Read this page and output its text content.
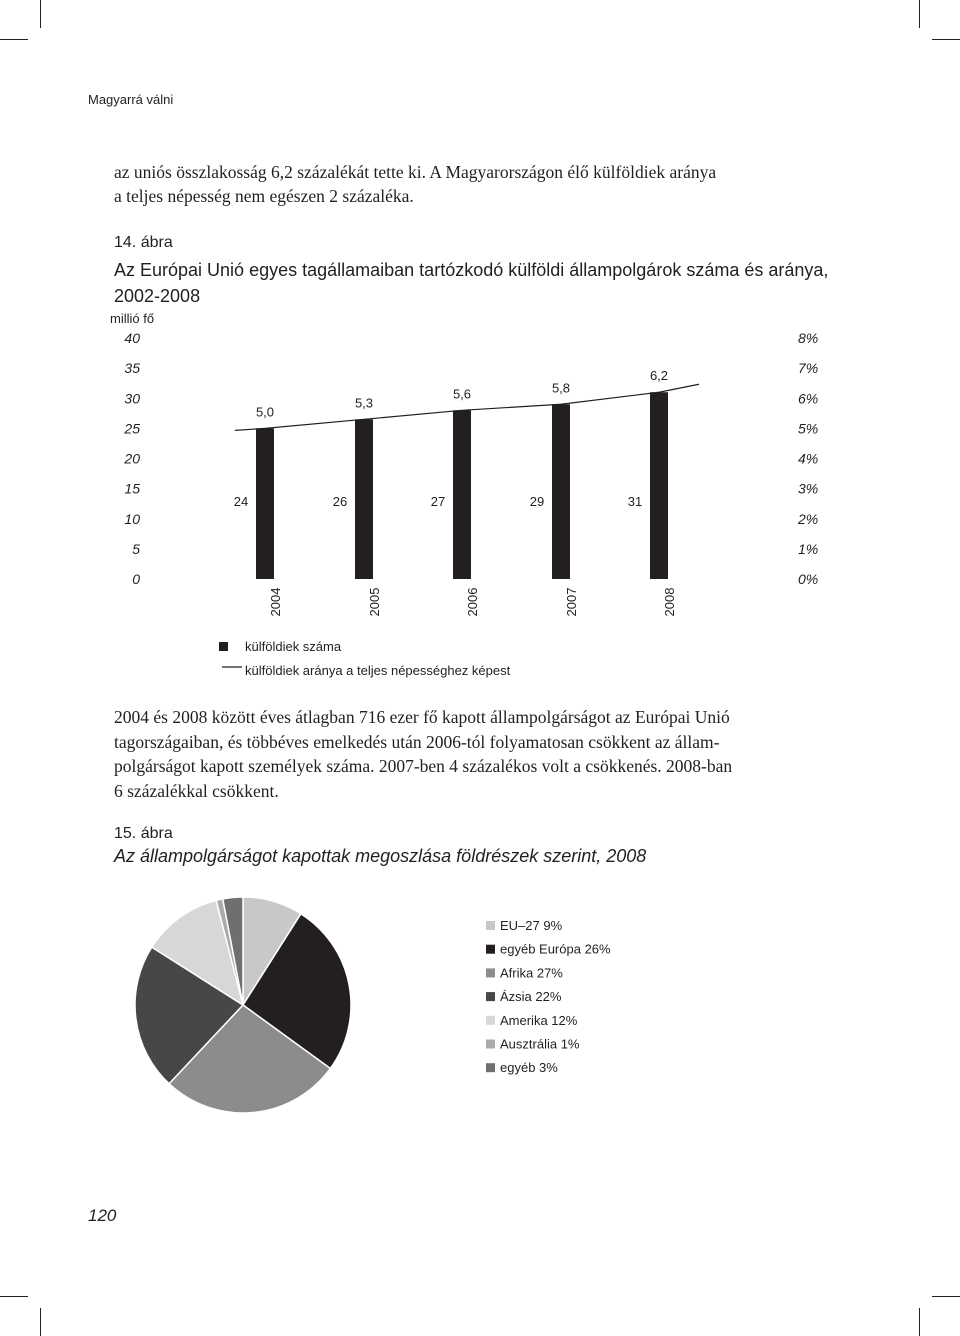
Magyarrá válni
az uniós összlakosság 6,2 százalékát tette ki. A Magyarországon élő külföldiek aránya
a teljes népesség nem egészen 2 százaléka.
14. ábra
Az Európai Unió egyes tagállamaiban tartózkodó külföldi állampolgárok száma és aránya, 2002-2008
millió fő
0
5
10
15
20
25
30
35
40
0%
1%
2%
3%
4%
5%
6%
7%
8%
24
5,0
26
5,3
27
5,6
29
5,8
31
6,2
2004	2005	2006	2007	2008
külföldiek száma
külföldiek aránya a teljes népességhez képest
2004 és 2008 között éves átlagban 716 ezer fő kapott állampolgárságot az Európai Unió
tagországaiban, és többéves emelkedés után 2006-tól folyamatosan csökkent az állam-
polgárságot kapott személyek száma. 2007-ben 4 százalékos volt a csökkenés. 2008-ban
6 százalékkal csökkent.
15. ábra
Az állampolgárságot kapottak megoszlása földrészek szerint, 2008
EU–27 9%
egyéb Európa 26%
Afrika 27%
Ázsia 22%
Amerika 12%
Ausztrália 1%
egyéb 3%
120
